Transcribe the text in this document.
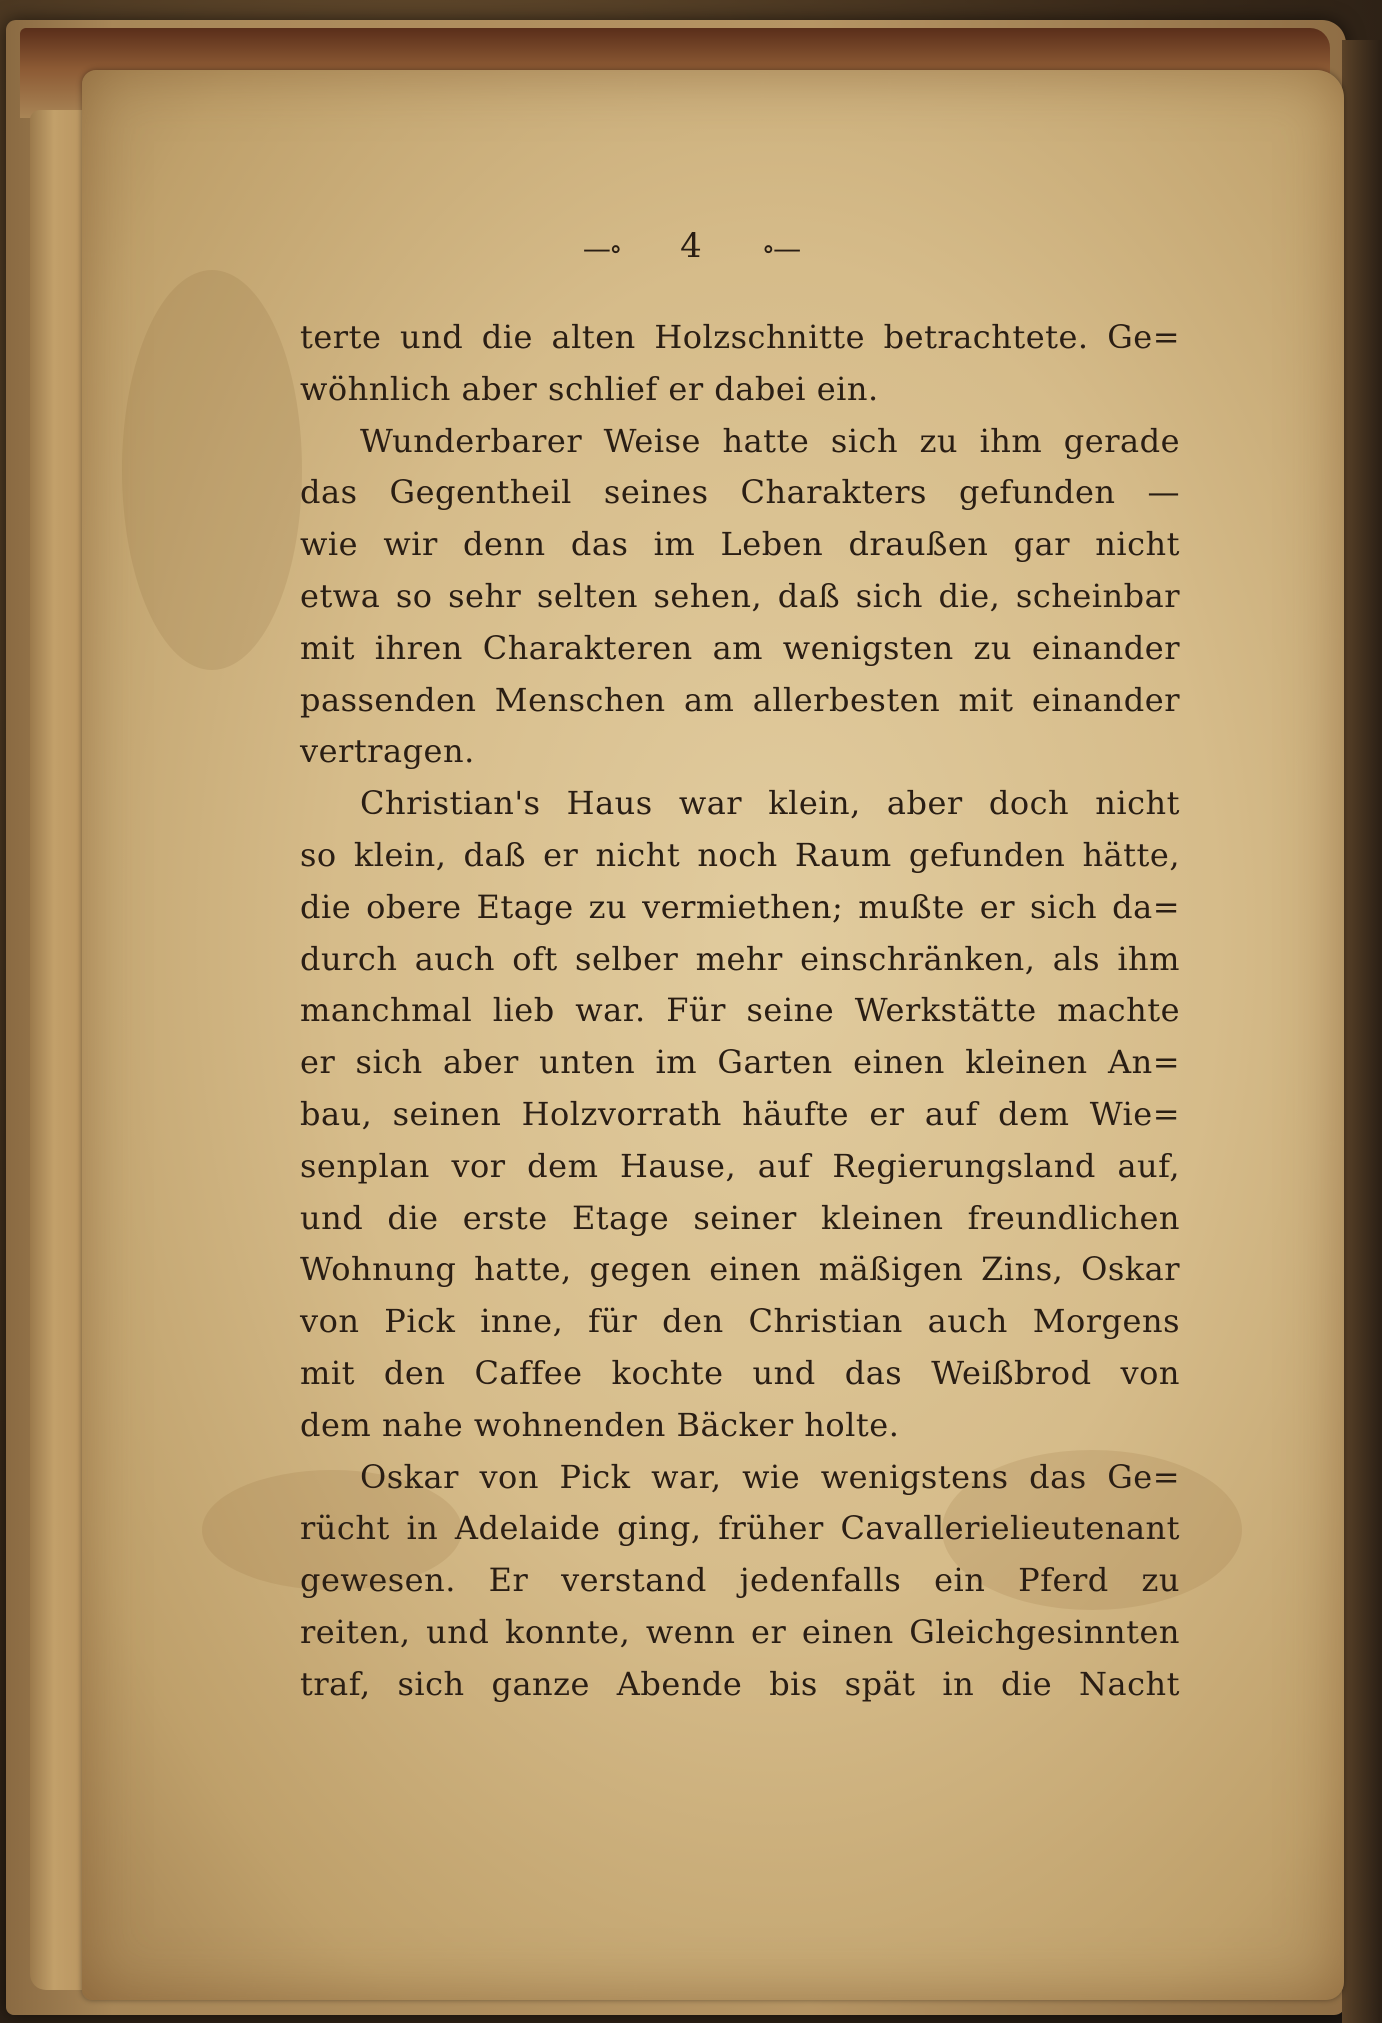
—∘ 4 ∘—
terte und die alten Holzschnitte betrachtete. Ge=
wöhnlich aber schlief er dabei ein.
Wunderbarer Weise hatte sich zu ihm gerade
das Gegentheil seines Charakters gefunden —
wie wir denn das im Leben draußen gar nicht
etwa so sehr selten sehen, daß sich die, scheinbar
mit ihren Charakteren am wenigsten zu einander
passenden Menschen am allerbesten mit einander
vertragen.
Christian's Haus war klein, aber doch nicht
so klein, daß er nicht noch Raum gefunden hätte,
die obere Etage zu vermiethen; mußte er sich da=
durch auch oft selber mehr einschränken, als ihm
manchmal lieb war. Für seine Werkstätte machte
er sich aber unten im Garten einen kleinen An=
bau, seinen Holzvorrath häufte er auf dem Wie=
senplan vor dem Hause, auf Regierungsland auf,
und die erste Etage seiner kleinen freundlichen
Wohnung hatte, gegen einen mäßigen Zins, Oskar
von Pick inne, für den Christian auch Morgens
mit den Caffee kochte und das Weißbrod von
dem nahe wohnenden Bäcker holte.
Oskar von Pick war, wie wenigstens das Ge=
rücht in Adelaide ging, früher Cavallerielieutenant
gewesen. Er verstand jedenfalls ein Pferd zu
reiten, und konnte, wenn er einen Gleichgesinnten
traf, sich ganze Abende bis spät in die Nacht
